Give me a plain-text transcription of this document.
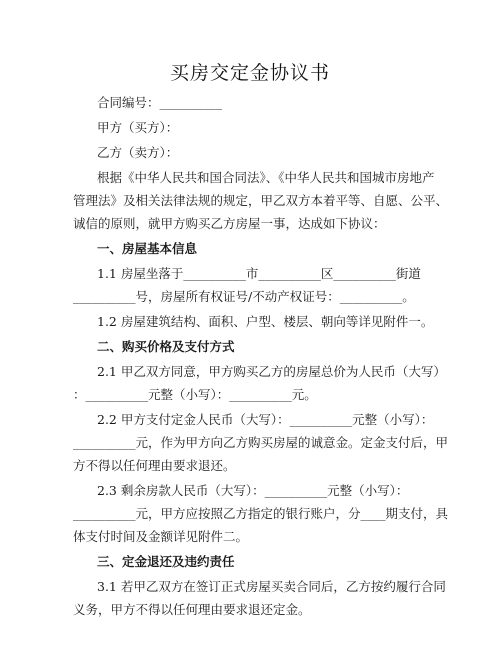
买房交定金协议书
合同编号：__________
甲方（买方）：
乙方（卖方）：
根据《中华人民共和国合同法》、《中华人民共和国城市房地产
管理法》及相关法律法规的规定，甲乙双方本着平等、自愿、公平、
诚信的原则，就甲方购买乙方房屋一事，达成如下协议：
一、房屋基本信息
1.1 房屋坐落于__________市__________区__________街道
__________号，房屋所有权证号/不动产权证号：__________。
1.2 房屋建筑结构、面积、户型、楼层、朝向等详见附件一。
二、购买价格及支付方式
2.1 甲乙双方同意，甲方购买乙方的房屋总价为人民币（大写）
：__________元整（小写）：__________元。
2.2 甲方支付定金人民币（大写）：__________元整（小写）：
__________元，作为甲方向乙方购买房屋的诚意金。定金支付后，甲
方不得以任何理由要求退还。
2.3 剩余房款人民币（大写）：__________元整（小写）：
__________元，甲方应按照乙方指定的银行账户，分____期支付，具
体支付时间及金额详见附件二。
三、定金退还及违约责任
3.1 若甲乙双方在签订正式房屋买卖合同后，乙方按约履行合同
义务，甲方不得以任何理由要求退还定金。
